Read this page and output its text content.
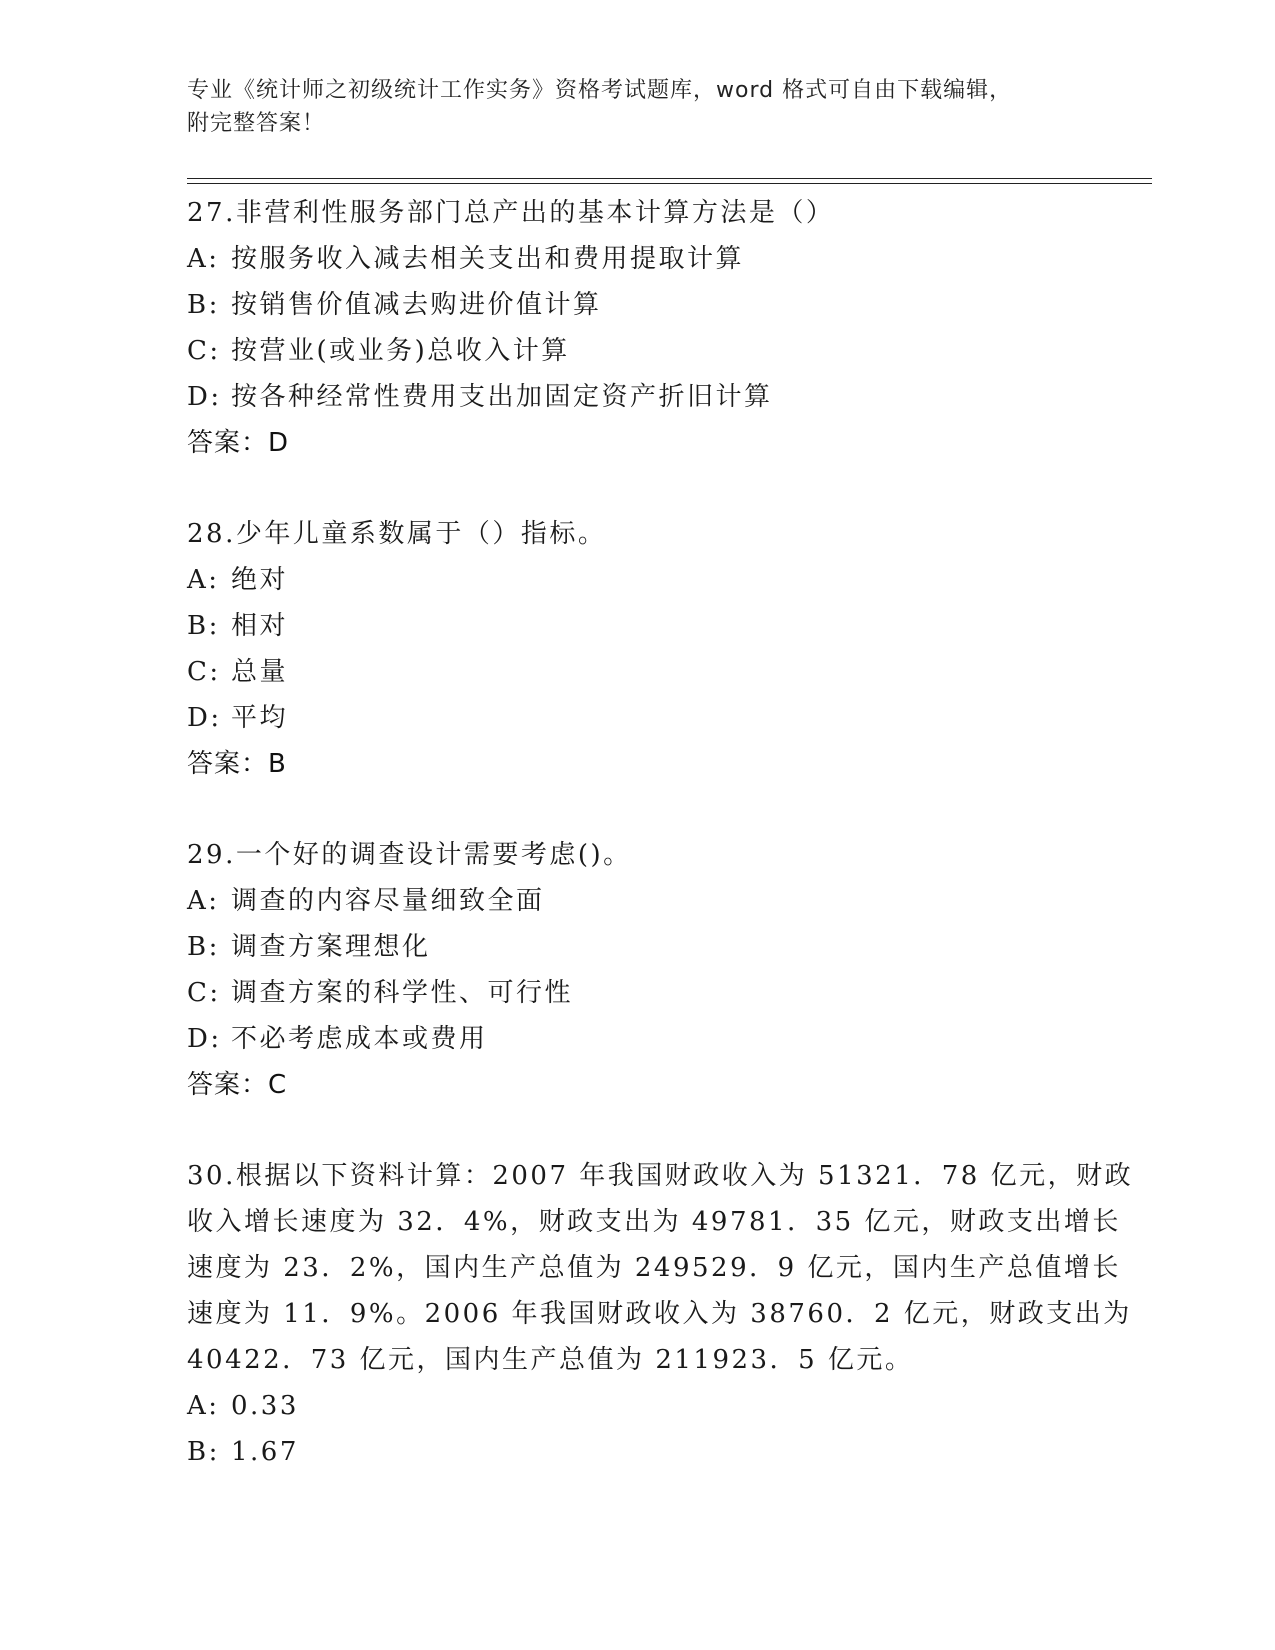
专业《统计师之初级统计工作实务》资格考试题库，word 格式可自由下载编辑，
附完整答案！
27.非营利性服务部门总产出的基本计算方法是（）
A: 按服务收入减去相关支出和费用提取计算
B: 按销售价值减去购进价值计算
C: 按营业(或业务)总收入计算
D: 按各种经常性费用支出加固定资产折旧计算
答案：D
28.少年儿童系数属于（）指标。
A: 绝对
B: 相对
C: 总量
D: 平均
答案：B
29.一个好的调查设计需要考虑()。
A: 调查的内容尽量细致全面
B: 调查方案理想化
C: 调查方案的科学性、可行性
D: 不必考虑成本或费用
答案：C
30.根据以下资料计算：2007 年我国财政收入为 51321．78 亿元，财政
收入增长速度为 32．4%，财政支出为 49781．35 亿元，财政支出增长
速度为 23．2%，国内生产总值为 249529．9 亿元，国内生产总值增长
速度为 11．9%。2006 年我国财政收入为 38760．2 亿元，财政支出为
40422．73 亿元，国内生产总值为 211923．5 亿元。
A: 0.33
B: 1.67
